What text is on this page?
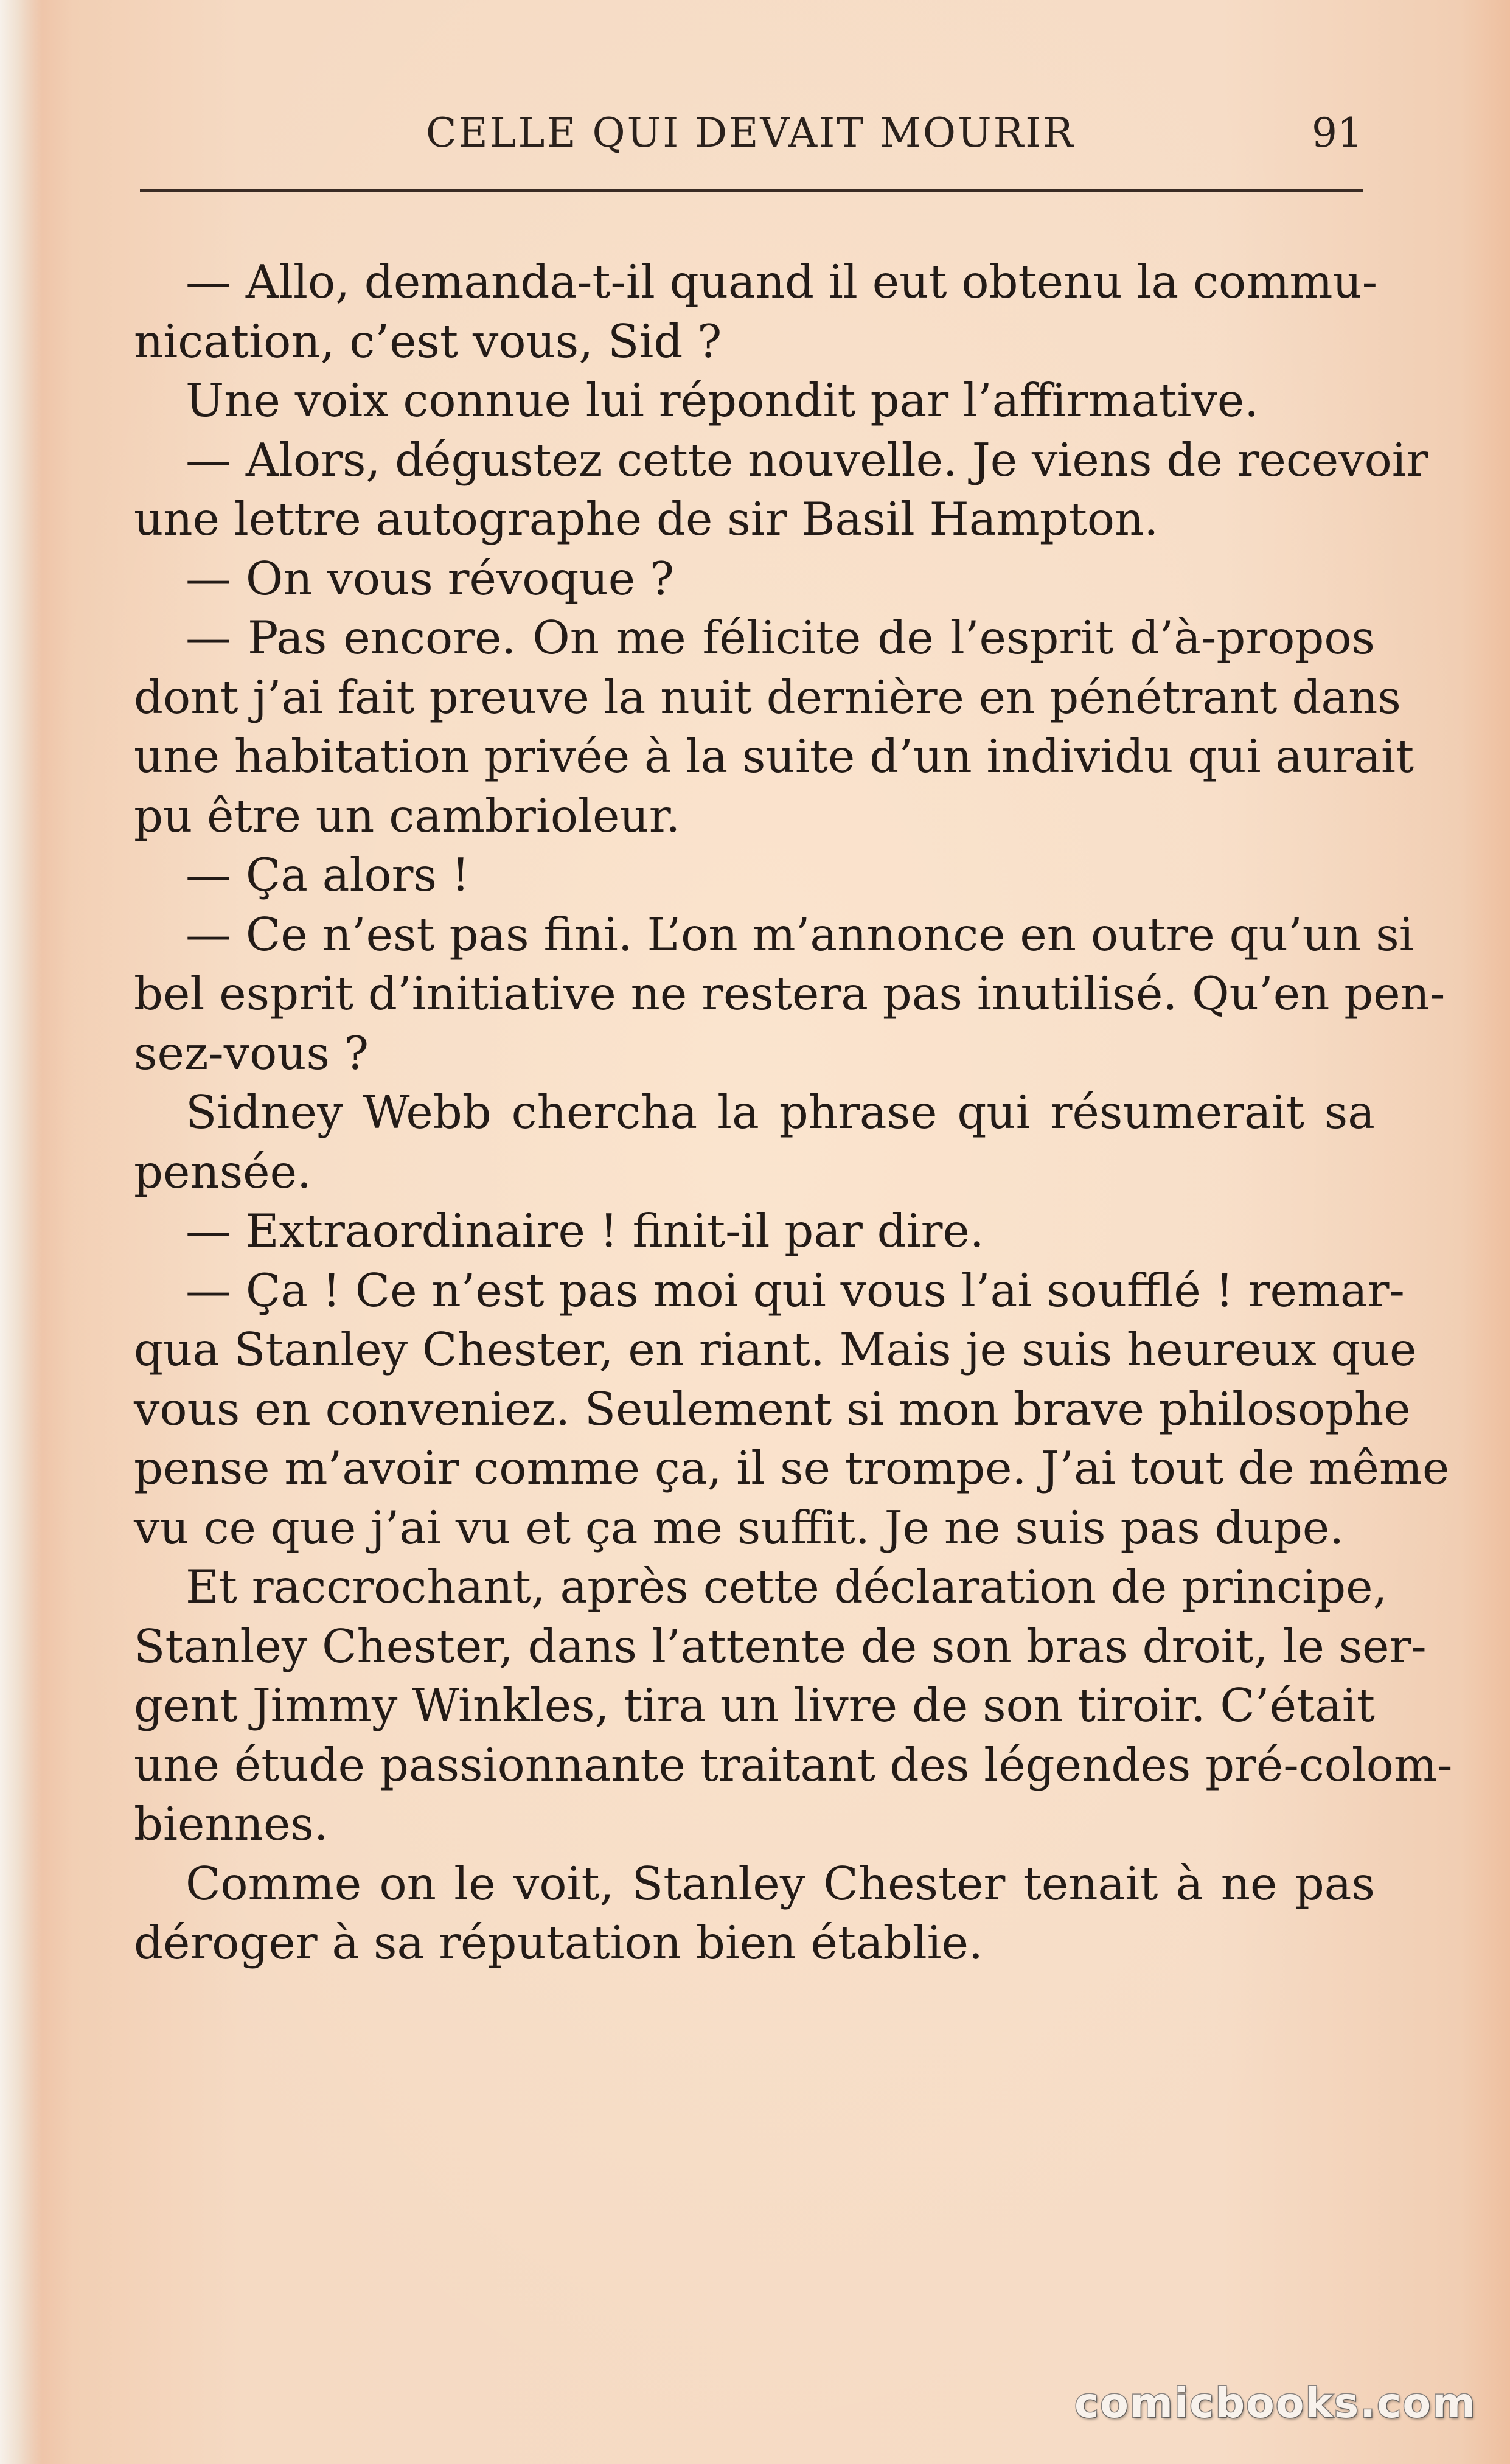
CELLE QUI DEVAIT MOURIR	91
— Allo, demanda-t-il quand il eut obtenu la commu-
nication, c’est vous, Sid ?
Une voix connue lui répondit par l’affirmative.
— Alors, dégustez cette nouvelle. Je viens de recevoir
une lettre autographe de sir Basil Hampton.
— On vous révoque ?
— Pas encore. On me félicite de l’esprit d’à-propos
dont j’ai fait preuve la nuit dernière en pénétrant dans
une habitation privée à la suite d’un individu qui aurait
pu être un cambrioleur.
— Ça alors !
— Ce n’est pas fini. L’on m’annonce en outre qu’un si
bel esprit d’initiative ne restera pas inutilisé. Qu’en pen-
sez-vous ?
Sidney Webb chercha la phrase qui résumerait sa
pensée.
— Extraordinaire ! finit-il par dire.
— Ça ! Ce n’est pas moi qui vous l’ai soufflé ! remar-
qua Stanley Chester, en riant. Mais je suis heureux que
vous en conveniez. Seulement si mon brave philosophe
pense m’avoir comme ça, il se trompe. J’ai tout de même
vu ce que j’ai vu et ça me suffit. Je ne suis pas dupe.
Et raccrochant, après cette déclaration de principe,
Stanley Chester, dans l’attente de son bras droit, le ser-
gent Jimmy Winkles, tira un livre de son tiroir. C’était
une étude passionnante traitant des légendes pré-colom-
biennes.
Comme on le voit, Stanley Chester tenait à ne pas
déroger à sa réputation bien établie.
comicbooks.com
